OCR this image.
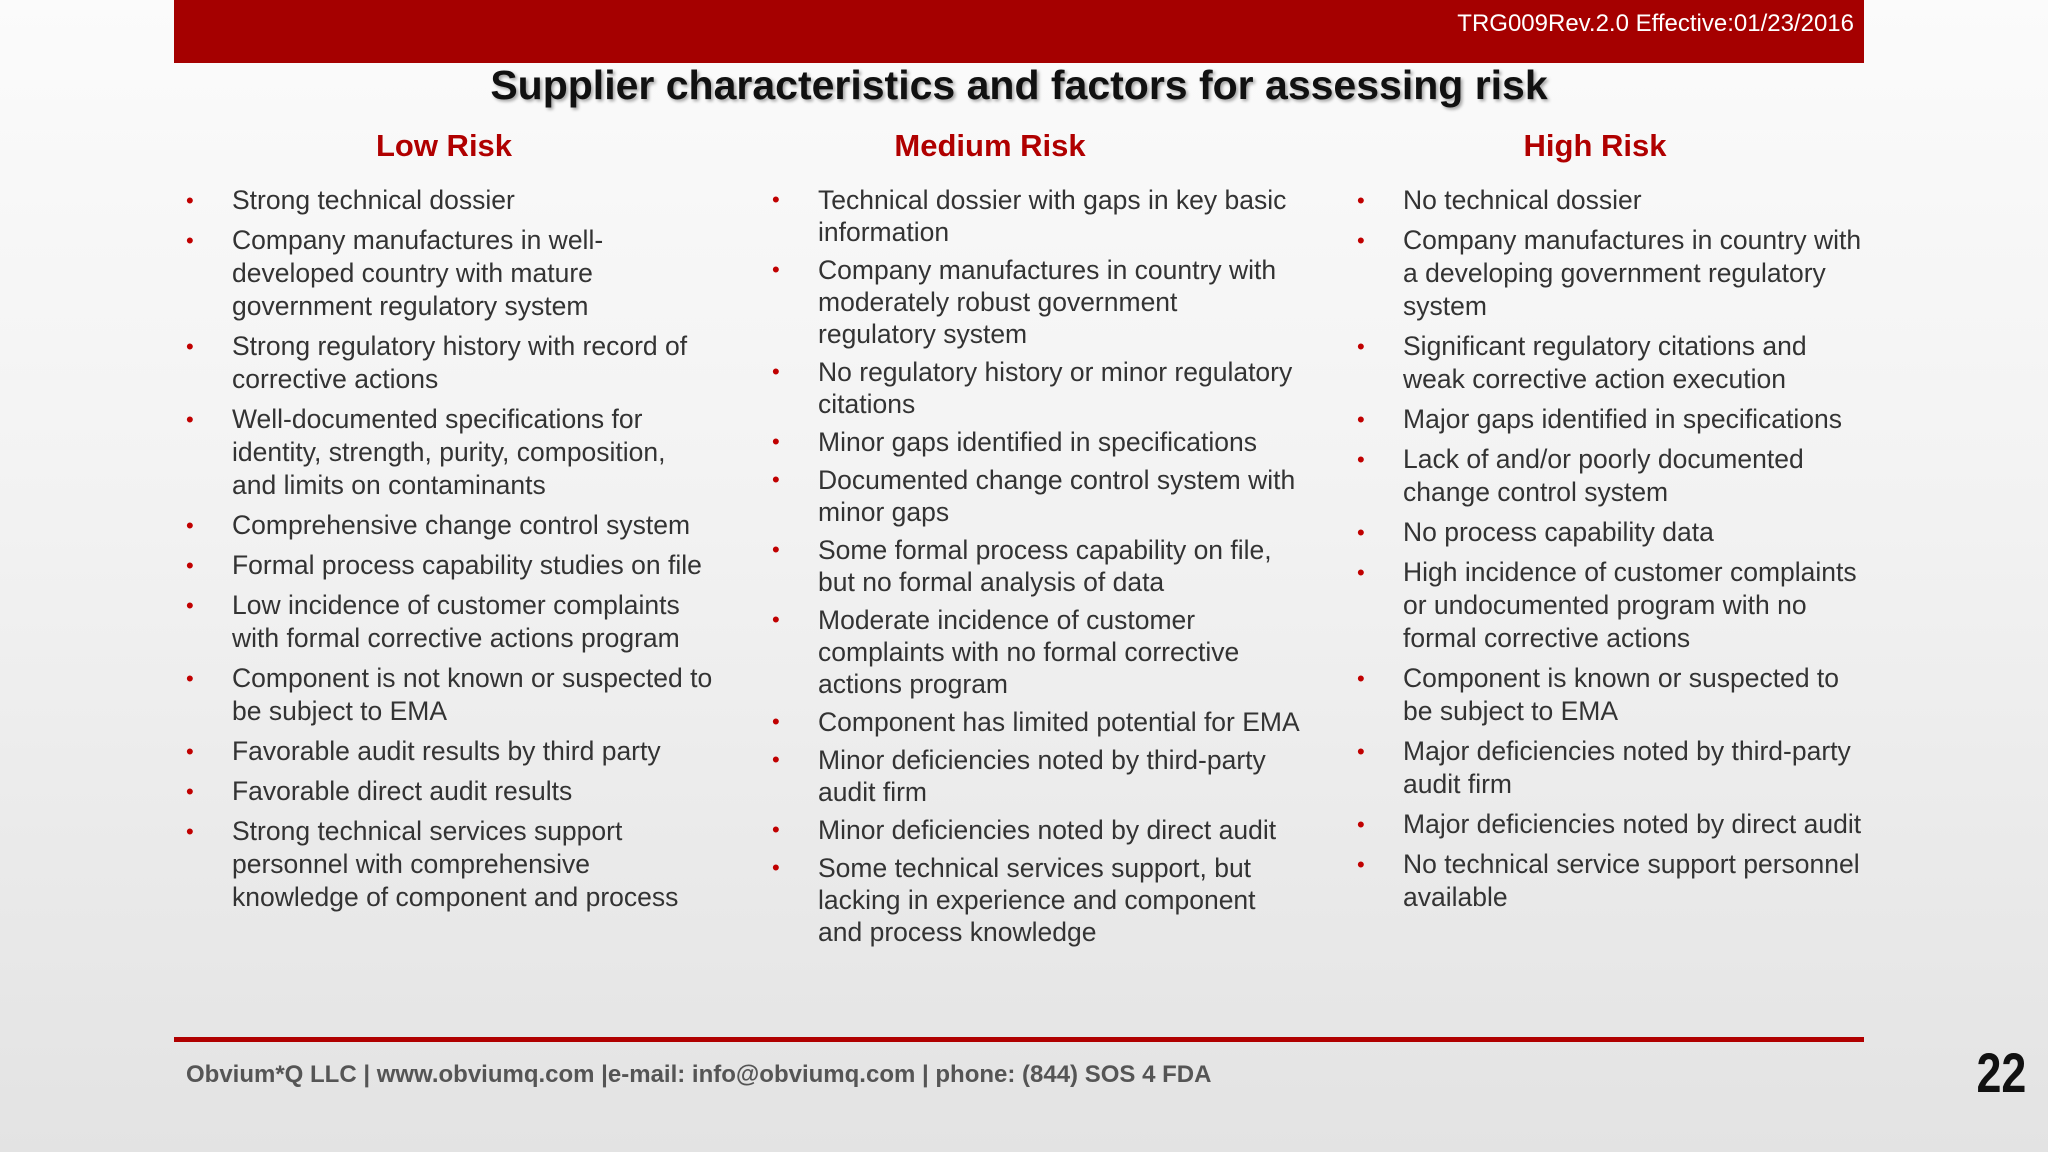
TRG009Rev.2.0 Effective:01/23/2016
Supplier characteristics and factors for assessing risk
Low Risk
• Strong technical dossier
• Company manufactures in well-developed country with mature government regulatory system
• Strong regulatory history with record of corrective actions
• Well-documented specifications for identity, strength, purity, composition, and limits on contaminants
• Comprehensive change control system
• Formal process capability studies on file
• Low incidence of customer complaints with formal corrective actions program
• Component is not known or suspected to be subject to EMA
• Favorable audit results by third party
• Favorable direct audit results
• Strong technical services support personnel with comprehensive knowledge of component and process
Medium Risk
• Technical dossier with gaps in key basic information
• Company manufactures in country with moderately robust government regulatory system
• No regulatory history or minor regulatory citations
• Minor gaps identified in specifications
• Documented change control system with minor gaps
• Some formal process capability on file, but no formal analysis of data
• Moderate incidence of customer complaints with no formal corrective actions program
• Component has limited potential for EMA
• Minor deficiencies noted by third-party audit firm
• Minor deficiencies noted by direct audit
• Some technical services support, but lacking in experience and component and process knowledge
High Risk
• No technical dossier
• Company manufactures in country with a developing government regulatory system
• Significant regulatory citations and weak corrective action execution
• Major gaps identified in specifications
• Lack of and/or poorly documented change control system
• No process capability data
• High incidence of customer complaints or undocumented program with no formal corrective actions
• Component is known or suspected to be subject to EMA
• Major deficiencies noted by third-party audit firm
• Major deficiencies noted by direct audit
• No technical service support personnel available
Obvium*Q LLC | www.obviumq.com |e-mail: info@obviumq.com | phone: (844) SOS 4 FDA	22
